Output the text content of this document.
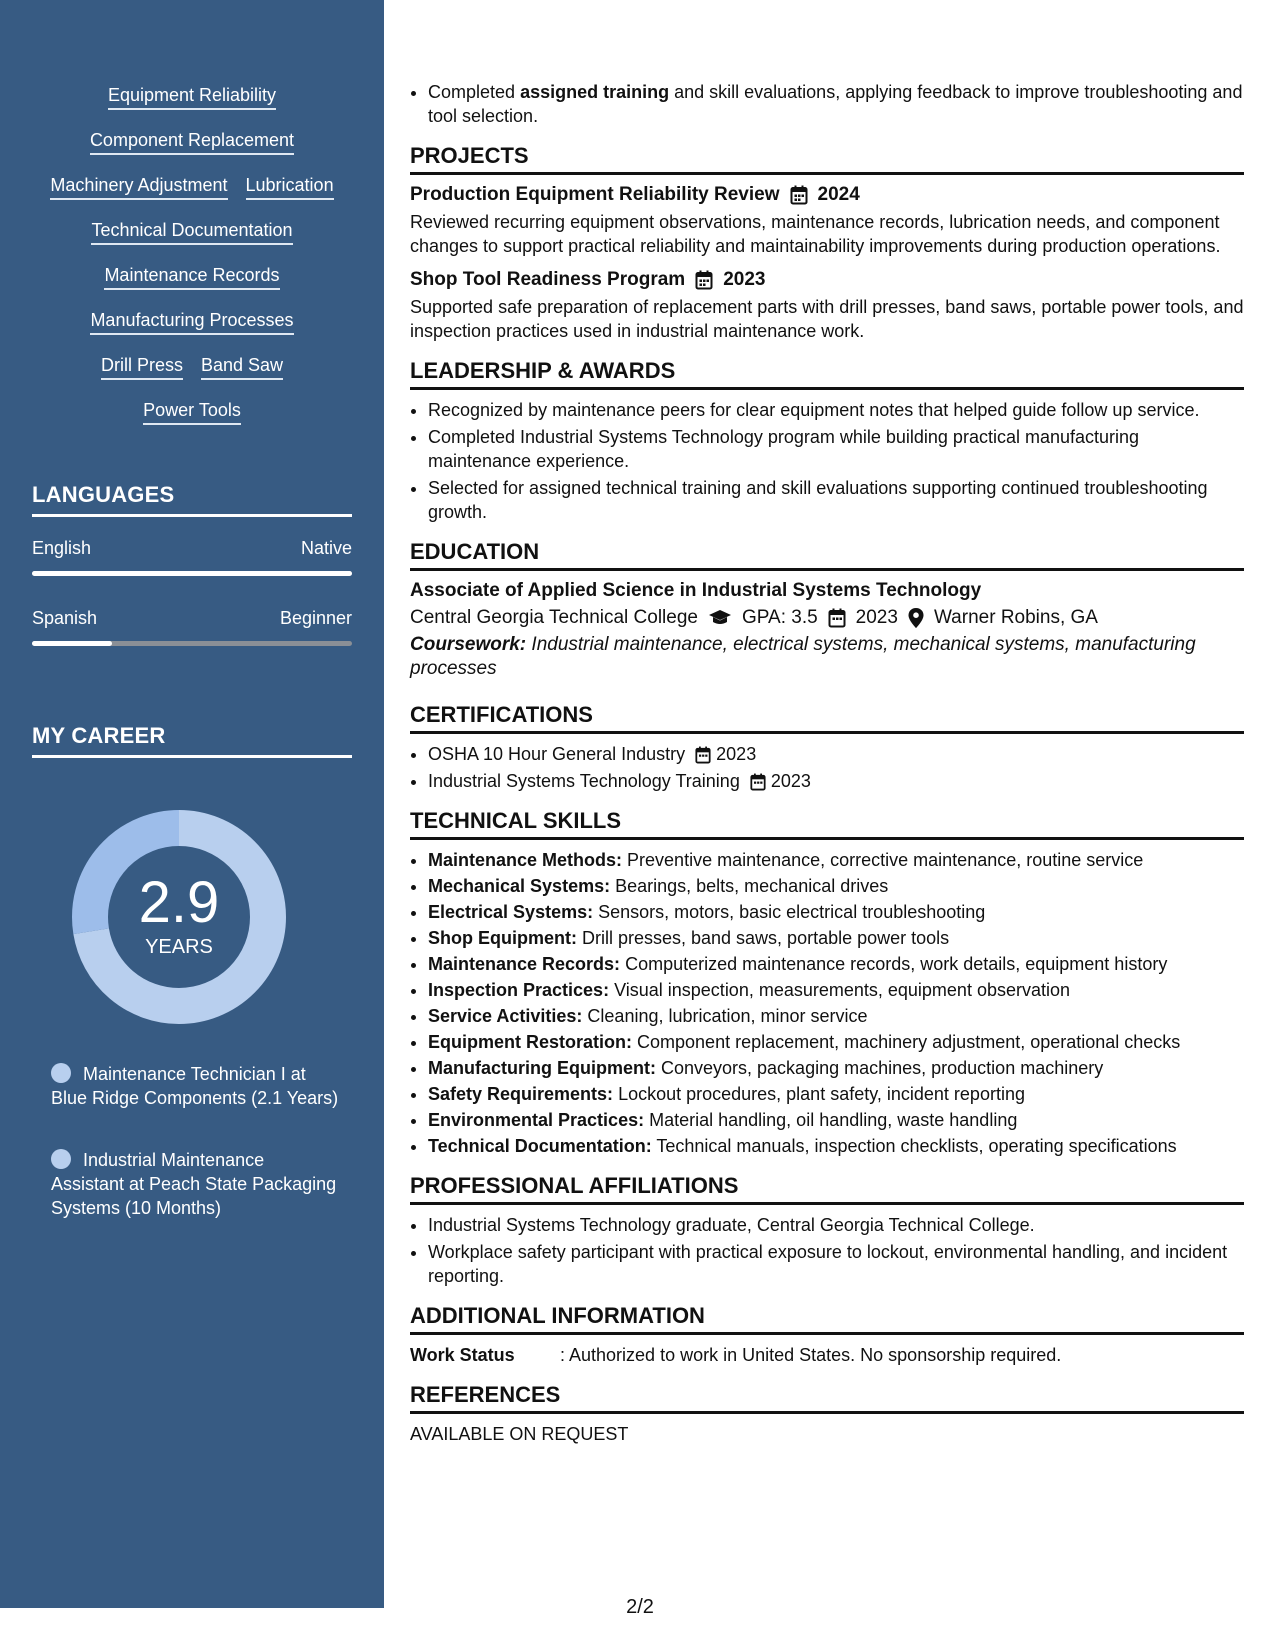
Equipment Reliability
Component Replacement
Machinery Adjustment Lubrication
Technical Documentation
Maintenance Records
Manufacturing Processes
Drill Press Band Saw
Power Tools
LANGUAGES
English	Native
Spanish	Beginner
MY CAREER
2.9
YEARS
Maintenance Technician I at Blue Ridge Components (2.1 Years)
Industrial Maintenance Assistant at Peach State Packaging Systems (10 Months)
• Completed assigned training and skill evaluations, applying feedback to improve troubleshooting and tool selection.
PROJECTS
Production Equipment Reliability Review 2024
Reviewed recurring equipment observations, maintenance records, lubrication needs, and component changes to support practical reliability and maintainability improvements during production operations.
Shop Tool Readiness Program 2023
Supported safe preparation of replacement parts with drill presses, band saws, portable power tools, and inspection practices used in industrial maintenance work.
LEADERSHIP & AWARDS
• Recognized by maintenance peers for clear equipment notes that helped guide follow up service.
• Completed Industrial Systems Technology program while building practical manufacturing maintenance experience.
• Selected for assigned technical training and skill evaluations supporting continued troubleshooting growth.
EDUCATION
Associate of Applied Science in Industrial Systems Technology
Central Georgia Technical College GPA: 3.5 2023 Warner Robins, GA
Coursework: Industrial maintenance, electrical systems, mechanical systems, manufacturing processes
CERTIFICATIONS
• OSHA 10 Hour General Industry 2023
• Industrial Systems Technology Training 2023
TECHNICAL SKILLS
• Maintenance Methods: Preventive maintenance, corrective maintenance, routine service
• Mechanical Systems: Bearings, belts, mechanical drives
• Electrical Systems: Sensors, motors, basic electrical troubleshooting
• Shop Equipment: Drill presses, band saws, portable power tools
• Maintenance Records: Computerized maintenance records, work details, equipment history
• Inspection Practices: Visual inspection, measurements, equipment observation
• Service Activities: Cleaning, lubrication, minor service
• Equipment Restoration: Component replacement, machinery adjustment, operational checks
• Manufacturing Equipment: Conveyors, packaging machines, production machinery
• Safety Requirements: Lockout procedures, plant safety, incident reporting
• Environmental Practices: Material handling, oil handling, waste handling
• Technical Documentation: Technical manuals, inspection checklists, operating specifications
PROFESSIONAL AFFILIATIONS
• Industrial Systems Technology graduate, Central Georgia Technical College.
• Workplace safety participant with practical exposure to lockout, environmental handling, and incident reporting.
ADDITIONAL INFORMATION
Work Status	: Authorized to work in United States. No sponsorship required.
REFERENCES
AVAILABLE ON REQUEST
2/2
